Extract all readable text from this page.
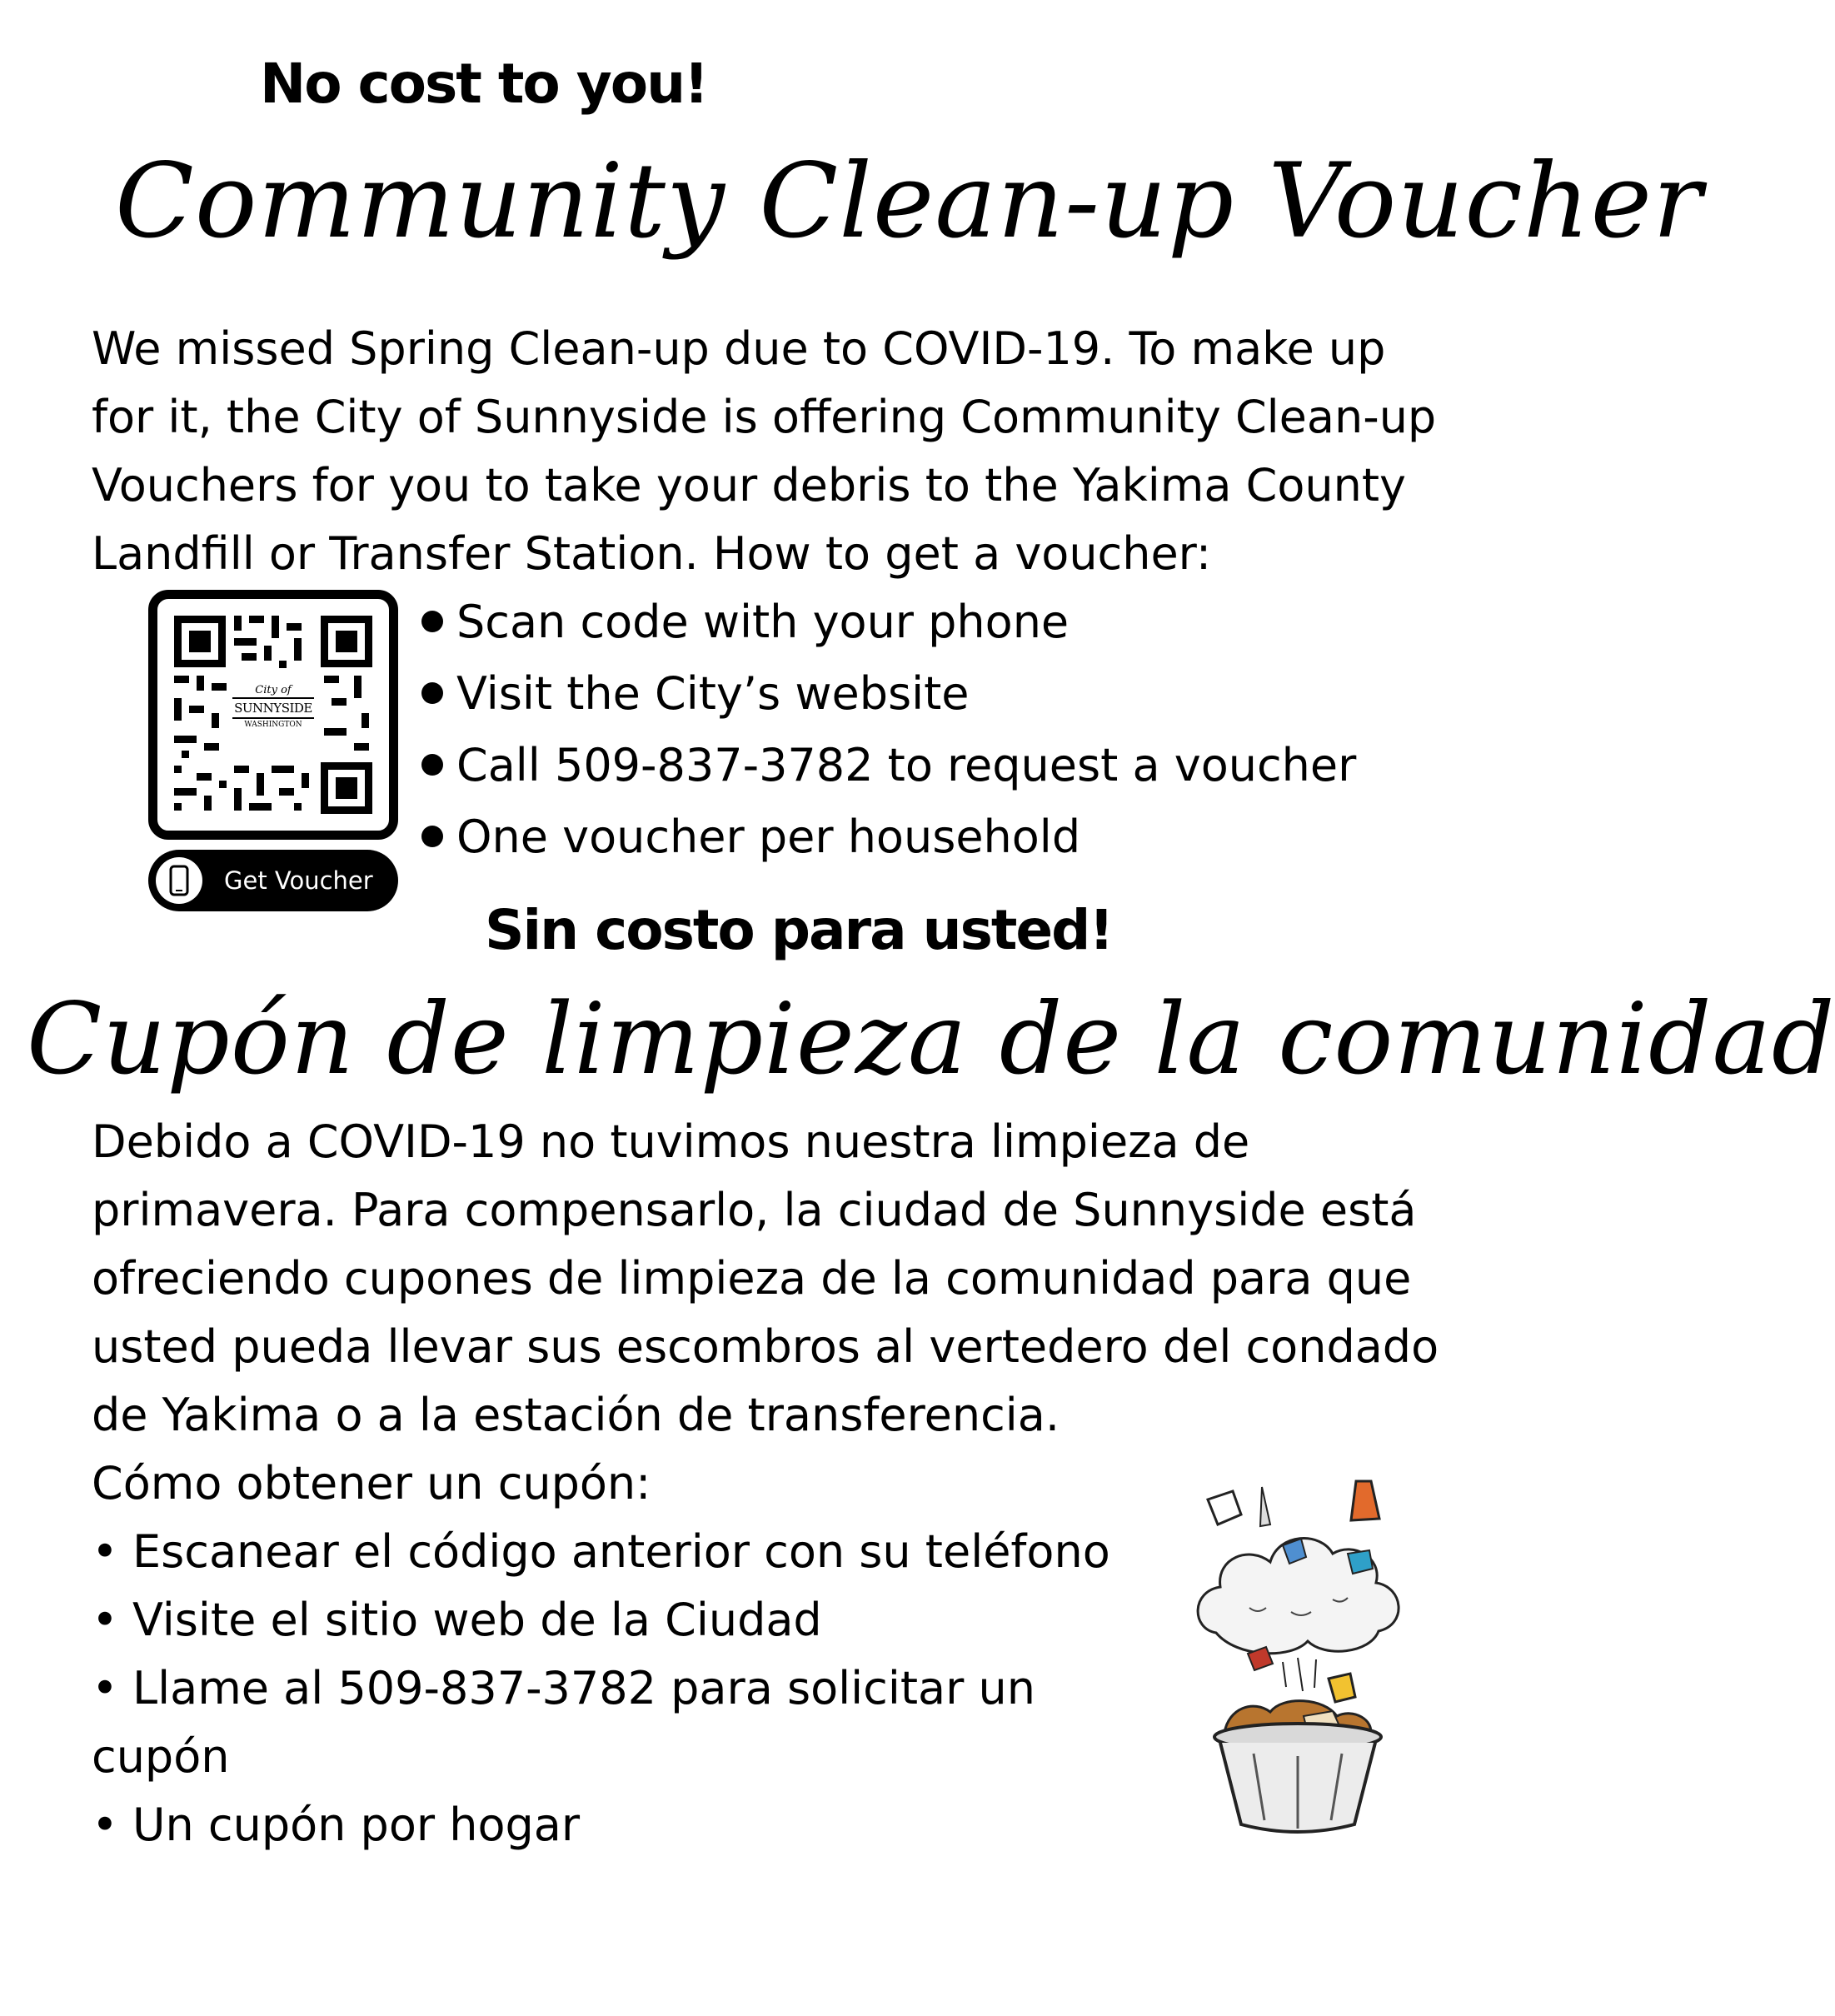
No cost to you!
Community Clean-up Voucher
We missed Spring Clean-up due to COVID-19. To make up
for it, the City of Sunnyside is offering Community Clean-up
Vouchers for you to take your debris to the Yakima County
Landfill or Transfer Station. How to get a voucher:
City of
SUNNYSIDE
WASHINGTON
Get Voucher
Scan code with your phone
Visit the City’s website
Call 509-837-3782 to request a voucher
One voucher per household
Sin costo para usted!
Cupón de limpieza de la comunidad
Debido a COVID-19 no tuvimos nuestra limpieza de
primavera. Para compensarlo, la ciudad de Sunnyside está
ofreciendo cupones de limpieza de la comunidad para que
usted pueda llevar sus escombros al vertedero del condado
de Yakima o a la estación de transferencia.
Cómo obtener un cupón:
• Escanear el código anterior con su teléfono
• Visite el sitio web de la Ciudad
• Llame al 509-837-3782 para solicitar un
cupón
• Un cupón por hogar
